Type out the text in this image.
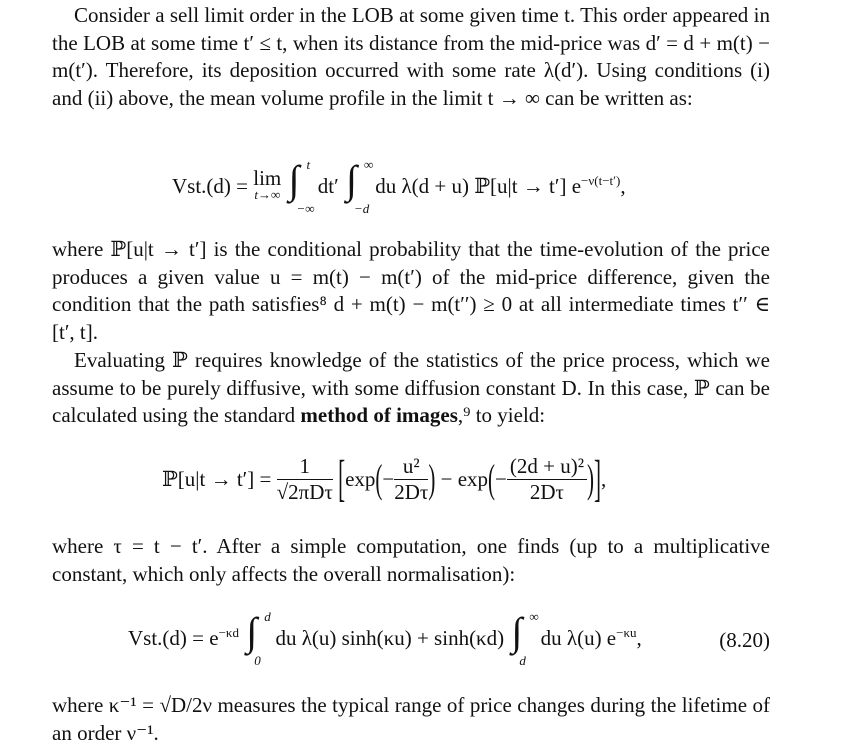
Consider a sell limit order in the LOB at some given time t. This order appeared in the LOB at some time t′ ≤ t, when its distance from the mid-price was d′ = d + m(t) − m(t′). Therefore, its deposition occurred with some rate λ(d′). Using conditions (i) and (ii) above, the mean volume profile in the limit t → ∞ can be written as:

Vst.(d) = lim
t→∞
∫ t
−∞
dt′ ∫ ∞
−d
du λ(d + u) ℙ[u|t → t′] $e^{-\nu(t-t')}$,

where ℙ[u|t → t′] is the conditional probability that the time-evolution of the price produces a given value u = m(t) − m(t′) of the mid-price difference, given the condition that the path satisfies⁸ d + m(t) − m(t′′) ≥ 0 at all intermediate times t′′ ∈ [t′, t].

Evaluating ℙ requires knowledge of the statistics of the price process, which we assume to be purely diffusive, with some diffusion constant D. In this case, ℙ can be calculated using the standard method of images,⁹ to yield:

ℙ[u|t → $t'] = \frac{1}{\text{√2πDτ}} [\exp(- \frac{\text{u²}}{2D\tau}$ ) − $\exp(- \frac{\text{(2d + u)²}}{2D\tau}$ )],

where τ = t − t′. After a simple computation, one finds (up to a multiplicative constant, which only affects the overall normalisation):

$Vst.(d) = e^{-\kappa d}$ ∫ d
0
du λ(u) sinh(κu) + sinh(κd) ∫ ∞
d
du λ(u) $e^{-\kappa u}$,	(8.20)

where κ⁻¹ = √D/2ν measures the typical range of price changes during the lifetime of an order ν⁻¹.
